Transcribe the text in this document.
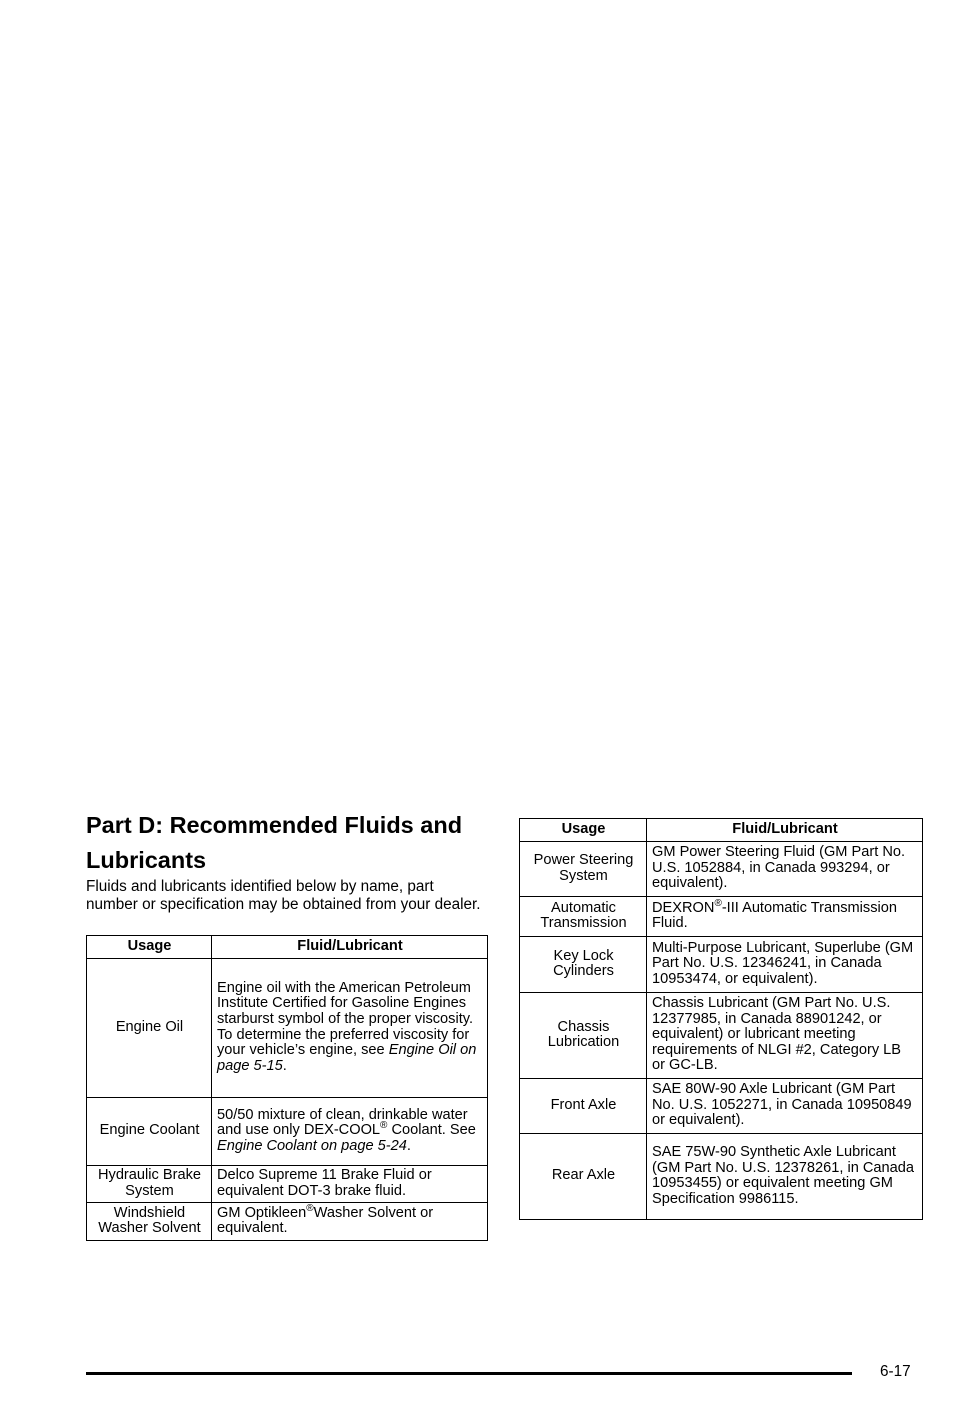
Part D: Recommended Fluids and Lubricants

Fluids and lubricants identified below by name, part number or specification may be obtained from your dealer.

Usage	Fluid/Lubricant
Engine Oil	Engine oil with the American Petroleum Institute Certified for Gasoline Engines starburst symbol of the proper viscosity. To determine the preferred viscosity for your vehicle’s engine, see Engine Oil on page 5-15.
Engine Coolant	50/50 mixture of clean, drinkable water and use only DEX-COOL® Coolant. See Engine Coolant on page 5-24.
Hydraulic Brake System	Delco Supreme 11 Brake Fluid or equivalent DOT-3 brake fluid.
Windshield Washer Solvent	GM Optikleen®Washer Solvent or equivalent.
Usage	Fluid/Lubricant
Power Steering System	GM Power Steering Fluid (GM Part No. U.S. 1052884, in Canada 993294, or equivalent).
Automatic Transmission	DEXRON®-III Automatic Transmission Fluid.
Key Lock Cylinders	Multi-Purpose Lubricant, Superlube (GM Part No. U.S. 12346241, in Canada 10953474, or equivalent).
Chassis Lubrication	Chassis Lubricant (GM Part No. U.S. 12377985, in Canada 88901242, or equivalent) or lubricant meeting requirements of NLGI #2, Category LB or GC-LB.
Front Axle	SAE 80W-90 Axle Lubricant (GM Part No. U.S. 1052271, in Canada 10950849 or equivalent).
Rear Axle	SAE 75W-90 Synthetic Axle Lubricant (GM Part No. U.S. 12378261, in Canada 10953455) or equivalent meeting GM Specification 9986115.
6-17
